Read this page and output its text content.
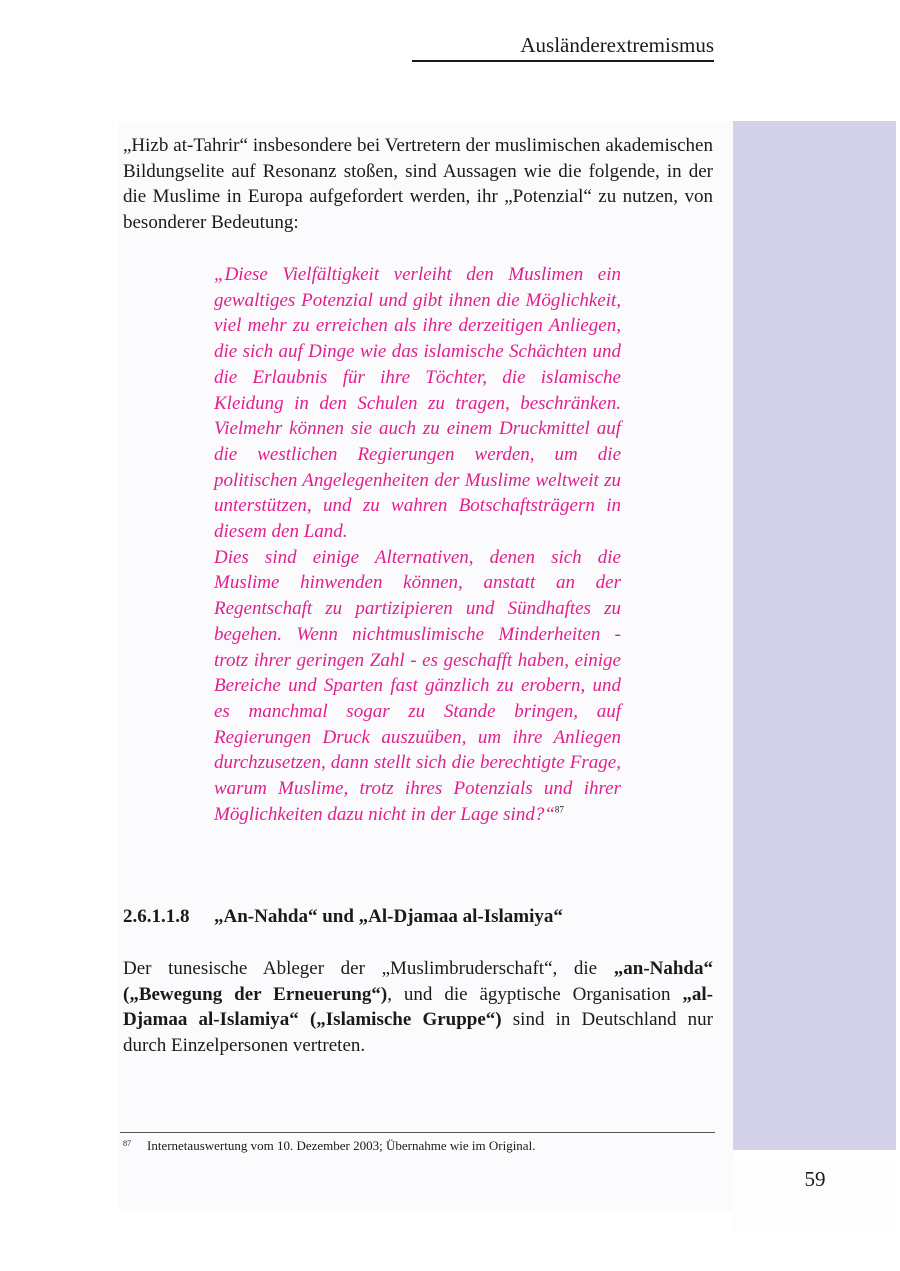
Ausländerextremismus

„Hizb at-Tahrir“ insbesondere bei Vertretern der muslimischen akademischen Bildungselite auf Resonanz stoßen, sind Aussagen wie die folgende, in der die Muslime in Europa aufgefordert werden, ihr „Potenzial“ zu nutzen, von besonderer Bedeutung:

„Diese Vielfältigkeit verleiht den Muslimen ein gewaltiges Potenzial und gibt ihnen die Möglichkeit, viel mehr zu erreichen als ihre derzeitigen Anliegen, die sich auf Dinge wie das islamische Schächten und die Erlaubnis für ihre Töchter, die islamische Kleidung in den Schulen zu tragen, beschränken. Vielmehr können sie auch zu einem Druckmittel auf die westlichen Regierungen werden, um die politischen Angelegenheiten der Muslime weltweit zu unterstützen, und zu wahren Botschaftsträgern in diesem den Land.

Dies sind einige Alternativen, denen sich die Muslime hinwenden können, anstatt an der Regentschaft zu partizipieren und Sündhaftes zu begehen. Wenn nichtmuslimische Minderheiten - trotz ihrer geringen Zahl - es geschafft haben, einige Bereiche und Sparten fast gänzlich zu erobern, und es manchmal sogar zu Stande bringen, auf Regierungen Druck auszuüben, um ihre Anliegen durchzusetzen, dann stellt sich die berechtigte Frage, warum Muslime, trotz ihres Potenzials und ihrer Möglichkeiten dazu nicht in der Lage sind?“$^{87}$

2.6.1.1.8 „An-Nahda“ und „Al-Djamaa al-Islamiya“

Der tunesische Ableger der „Muslimbruderschaft“, die „an-Nahda“ („Bewegung der Erneuerung“), und die ägyptische Organisation „al-Djamaa al-Islamiya“ („Islamische Gruppe“) sind in Deutschland nur durch Einzelpersonen vertreten.

87 Internetauswertung vom 10. Dezember 2003; Übernahme wie im Original.
59
